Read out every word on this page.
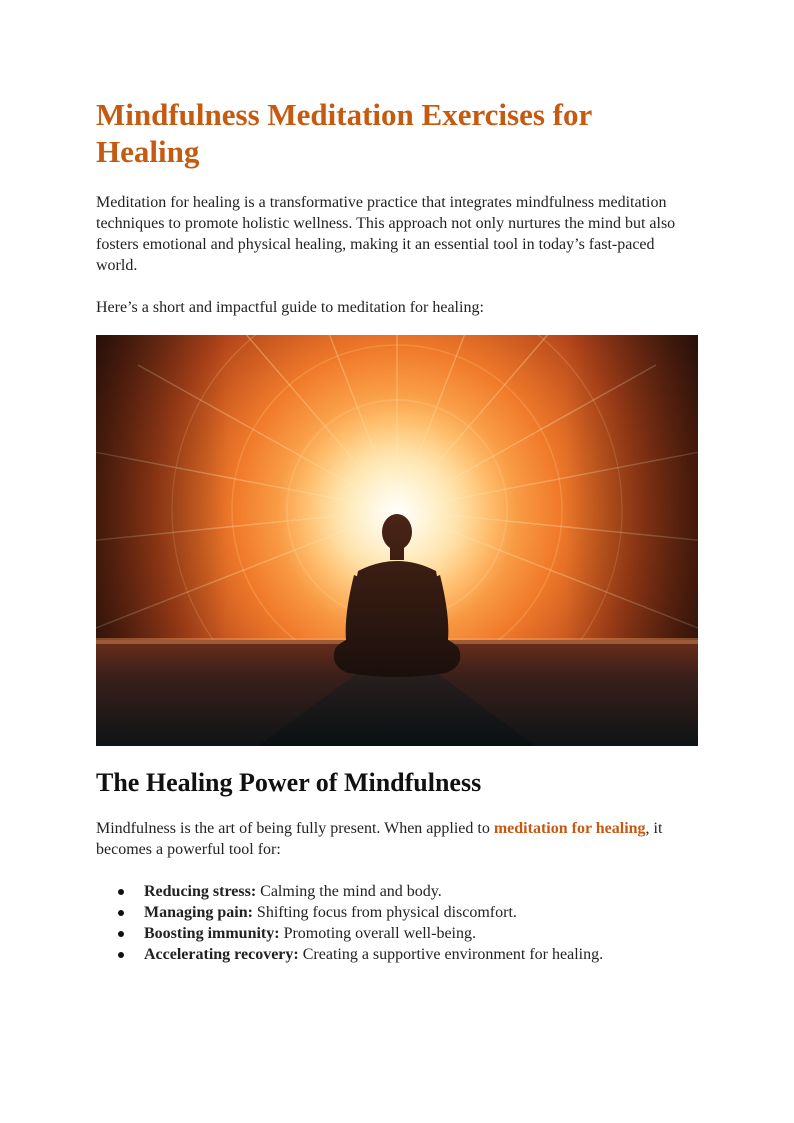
Mindfulness Meditation Exercises for Healing

Meditation for healing is a transformative practice that integrates mindfulness meditation techniques to promote holistic wellness. This approach not only nurtures the mind but also fosters emotional and physical healing, making it an essential tool in today’s fast-paced world.

Here’s a short and impactful guide to meditation for healing:

The Healing Power of Mindfulness

Mindfulness is the art of being fully present. When applied to meditation for healing, it becomes a powerful tool for:

Reducing stress: Calming the mind and body.
Managing pain: Shifting focus from physical discomfort.
Boosting immunity: Promoting overall well-being.
Accelerating recovery: Creating a supportive environment for healing.
